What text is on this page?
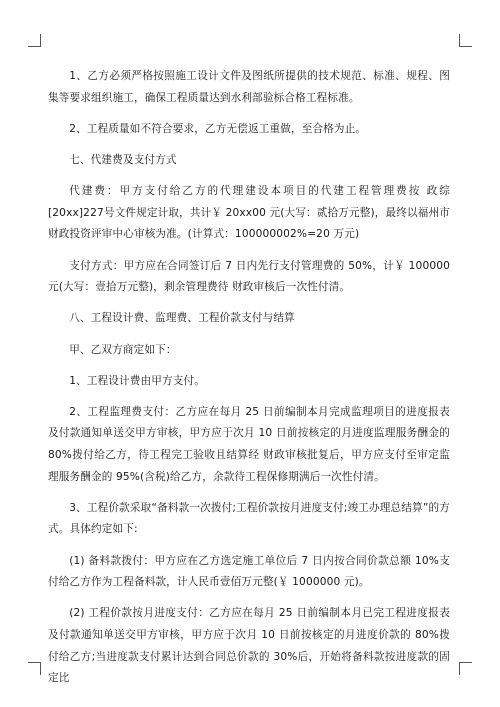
1、乙方必须严格按照施工设计文件及图纸所提供的技术规范、标准、规程、图集等要求组织施工，确保工程质量达到水利部验标合格工程标准。

2、工程质量如不符合要求，乙方无偿返工重做，至合格为止。

七、代建费及支付方式

代建费：甲方支付给乙方的代理建设本项目的代建工程管理费按 政综[20xx]227号文件规定计取，共计￥ 20xx00 元(大写：贰拾万元整)，最终以福州市财政投资评审中心审核为准。(计算式：100000002%=20 万元)

支付方式：甲方应在合同签订后 7 日内先行支付管理费的 50%，计￥ 100000元(大写：壹拾万元整)，剩余管理费待 财政审核后一次性付清。

八、工程设计费、监理费、工程价款支付与结算

甲、乙双方商定如下：

1、工程设计费由甲方支付。

2、工程监理费支付：乙方应在每月 25 日前编制本月完成监理项目的进度报表及付款通知单送交甲方审核，甲方应于次月 10 日前按核定的月进度监理服务酬金的80%拨付给乙方，待工程完工验收且结算经 财政审核批复后，甲方应支付至审定监理服务酬金的 95%(含税)给乙方，余款待工程保修期满后一次性付清。

3、工程价款采取“备料款一次拨付;工程价款按月进度支付;竣工办理总结算”的方式。具体约定如下:

(1) 备料款拨付：甲方应在乙方选定施工单位后 7 日内按合同价款总额 10%支付给乙方作为工程备料款，计人民币壹佰万元整(￥ 1000000 元)。

(2) 工程价款按月进度支付：乙方应在每月 25 日前编制本月已完工程进度报表及付款通知单送交甲方审核，甲方应于次月 10 日前按核定的月进度价款的 80%拨付给乙方;当进度款支付累计达到合同总价款的 30%后，开始将备料款按进度款的固定比
